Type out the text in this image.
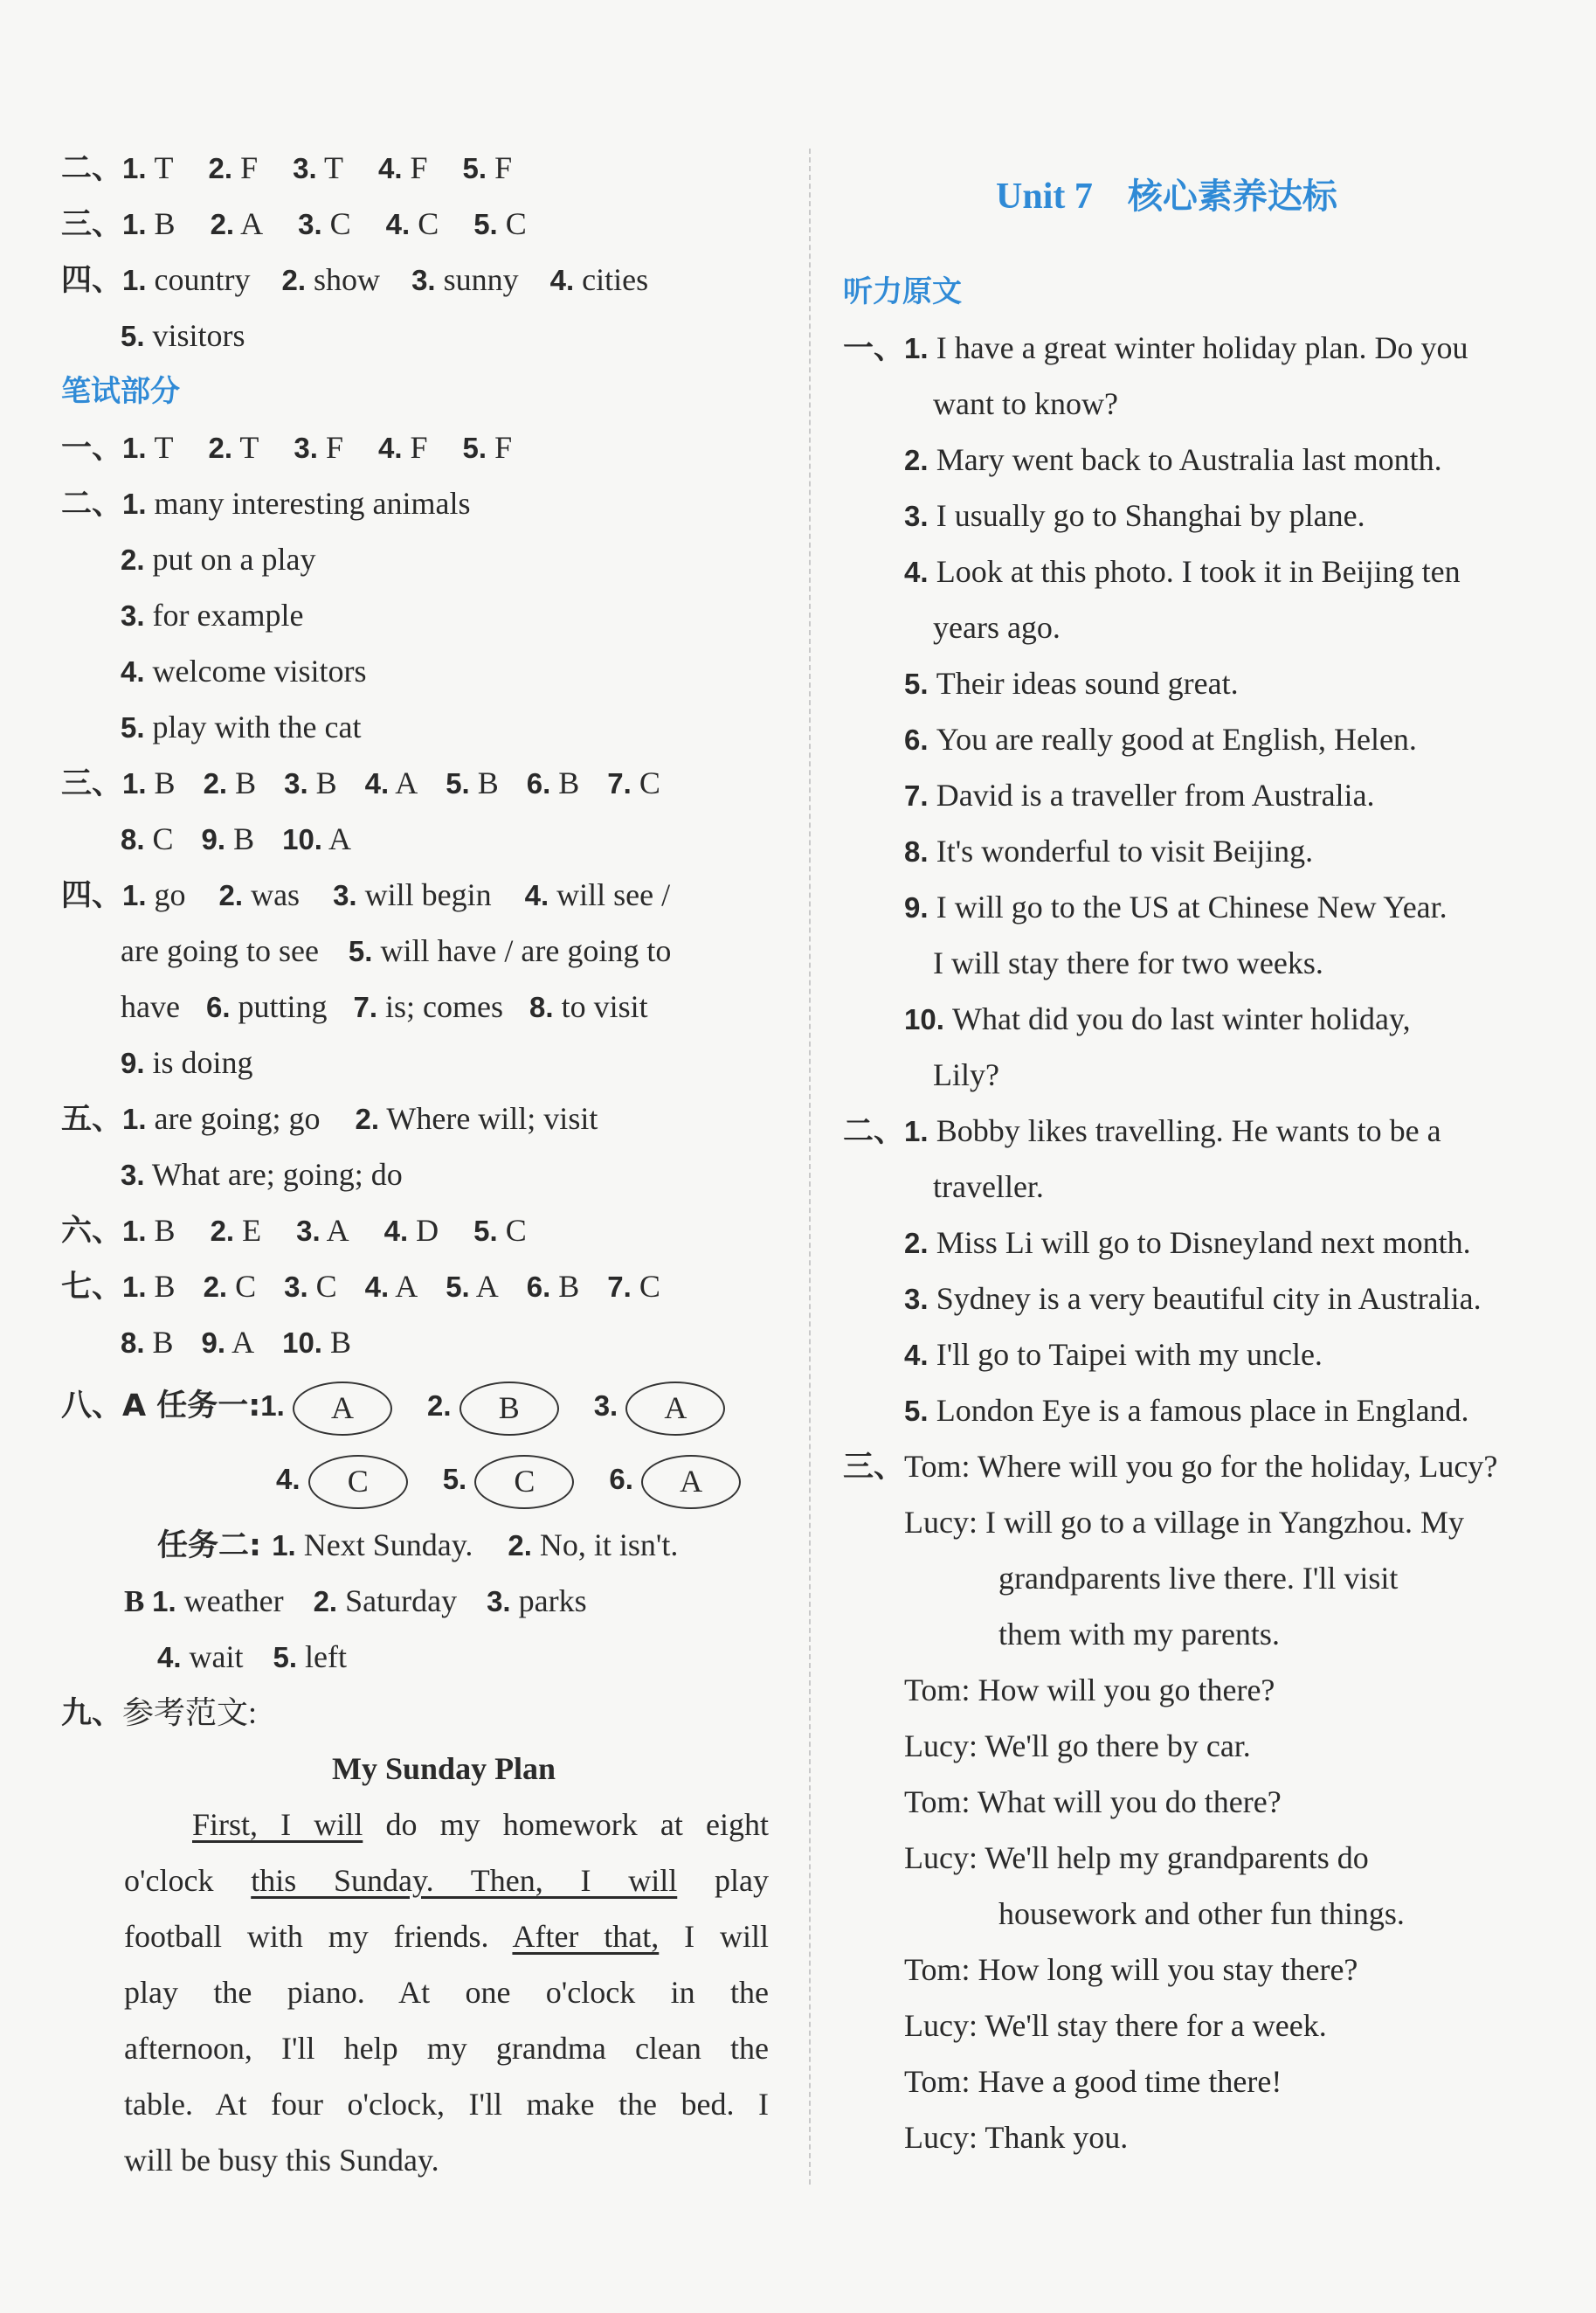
二、1. T 2. F 3. T 4. F 5. F
三、1. B 2. A 3. C 4. C 5. C
四、1. country 2. show 3. sunny 4. cities
5. visitors
笔试部分
一、1. T 2. T 3. F 4. F 5. F
二、1. many interesting animals
2. put on a play
3. for example
4. welcome visitors
5. play with the cat
三、1. B 2. B 3. B 4. A 5. B 6. B 7. C
8. C 9. B 10. A
四、1. go 2. was 3. will begin 4. will see /
are going to see 5. will have / are going to
have 6. putting 7. is; comes 8. to visit
9. is doing
五、1. are going; go 2. Where will; visit
3. What are; going; do
六、1. B 2. E 3. A 4. D 5. C
七、1. B 2. C 3. C 4. A 5. A 6. B 7. C
8. B 9. A 10. B
八、A 任务一:1. A	2. B	3. A
4. C	5. C	6. A
任务二: 1. Next Sunday. 2. No, it isn't.
B 1. weather 2. Saturday 3. parks
4. wait 5. left
九、参考范文:
My Sunday Plan
First, I will do my homework at eight
o'clock this Sunday. Then, I will play
football with my friends. After that, I will
play the piano. At one o'clock in the
afternoon, I'll help my grandma clean the
table. At four o'clock, I'll make the bed. I
will be busy this Sunday.
Unit 7 核心素养达标
听力原文
一、1. I have a great winter holiday plan. Do you
want to know?
2. Mary went back to Australia last month.
3. I usually go to Shanghai by plane.
4. Look at this photo. I took it in Beijing ten
years ago.
5. Their ideas sound great.
6. You are really good at English, Helen.
7. David is a traveller from Australia.
8. It's wonderful to visit Beijing.
9. I will go to the US at Chinese New Year.
I will stay there for two weeks.
10. What did you do last winter holiday,
Lily?
二、1. Bobby likes travelling. He wants to be a
traveller.
2. Miss Li will go to Disneyland next month.
3. Sydney is a very beautiful city in Australia.
4. I'll go to Taipei with my uncle.
5. London Eye is a famous place in England.
三、Tom: Where will you go for the holiday, Lucy?
Lucy: I will go to a village in Yangzhou. My
grandparents live there. I'll visit
them with my parents.
Tom: How will you go there?
Lucy: We'll go there by car.
Tom: What will you do there?
Lucy: We'll help my grandparents do
housework and other fun things.
Tom: How long will you stay there?
Lucy: We'll stay there for a week.
Tom: Have a good time there!
Lucy: Thank you.
